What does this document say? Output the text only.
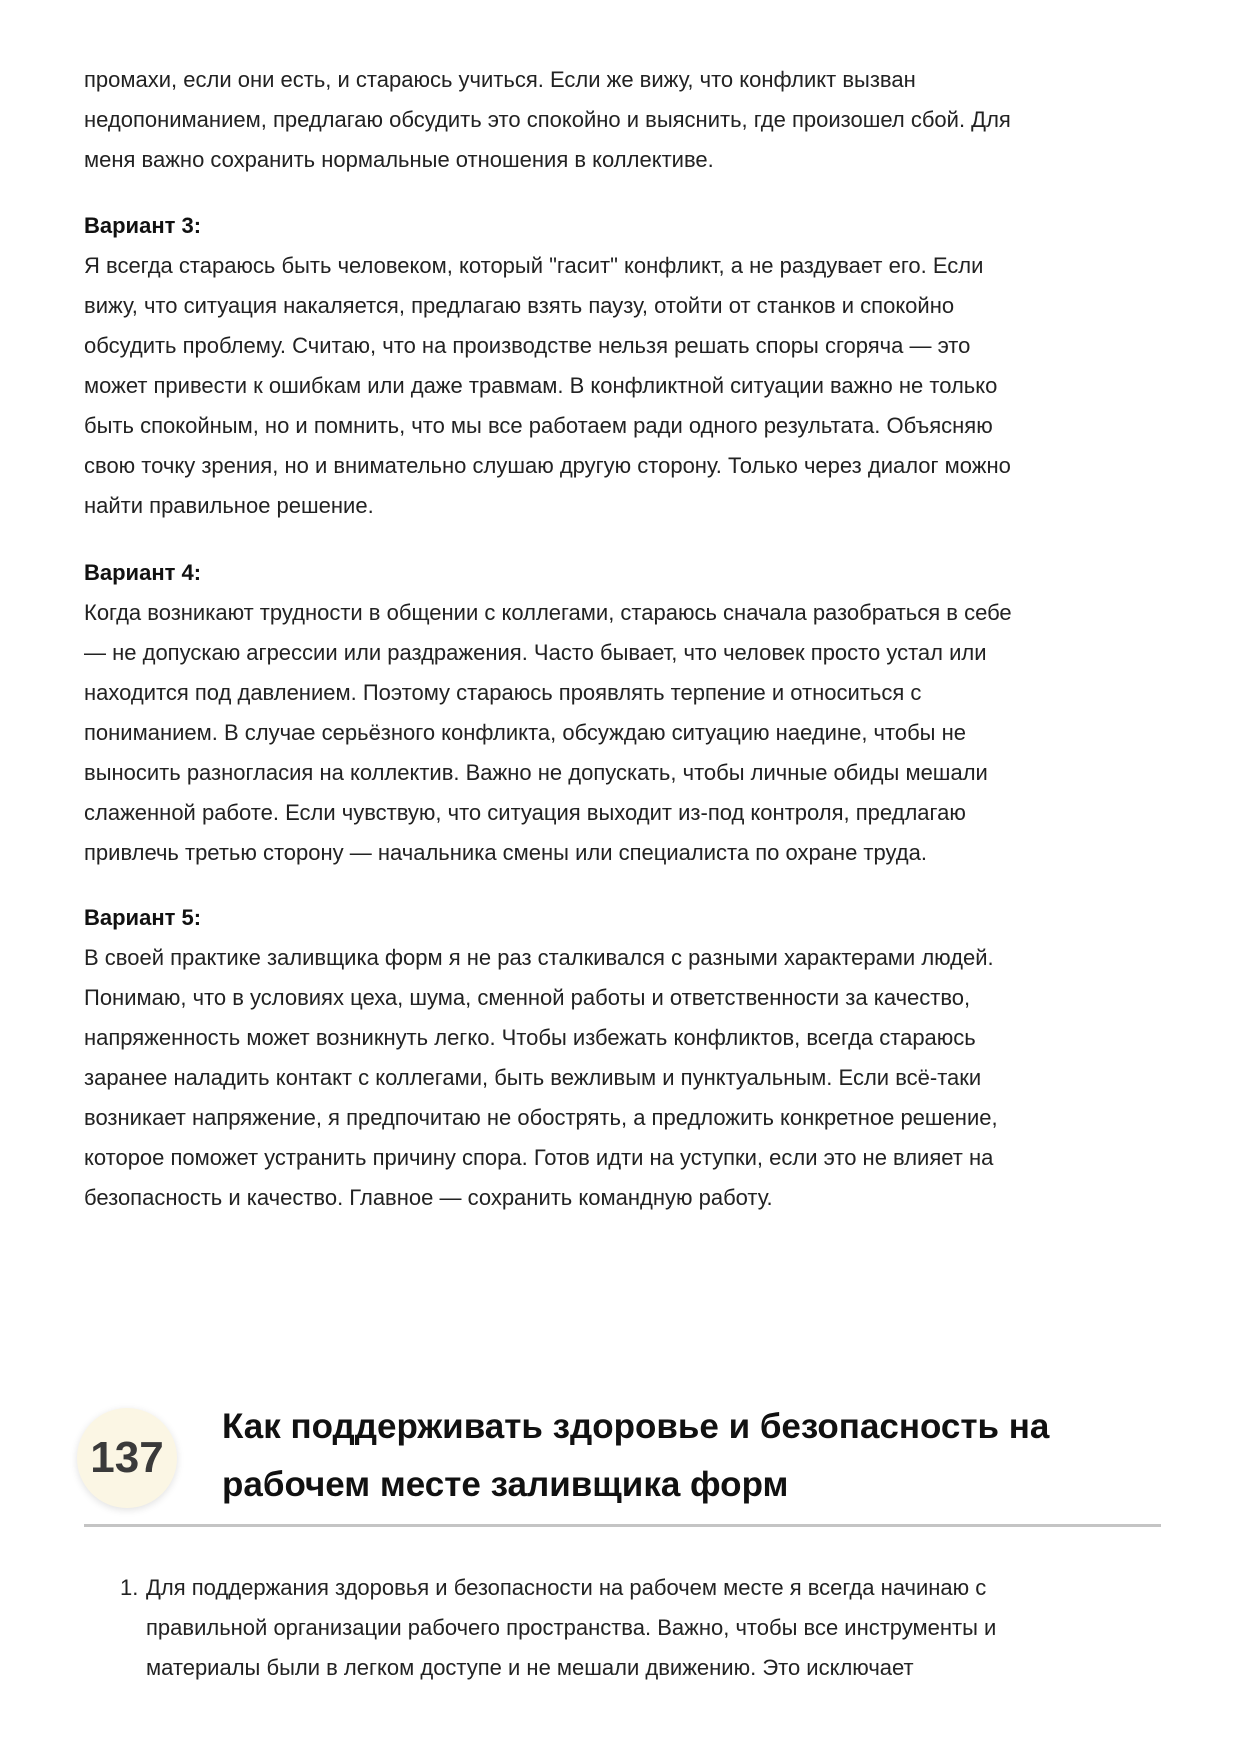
промахи, если они есть, и стараюсь учиться. Если же вижу, что конфликт вызван
недопониманием, предлагаю обсудить это спокойно и выяснить, где произошел сбой. Для
меня важно сохранить нормальные отношения в коллективе.
Вариант 3:
Я всегда стараюсь быть человеком, который "гасит" конфликт, а не раздувает его. Если
вижу, что ситуация накаляется, предлагаю взять паузу, отойти от станков и спокойно
обсудить проблему. Считаю, что на производстве нельзя решать споры сгоряча — это
может привести к ошибкам или даже травмам. В конфликтной ситуации важно не только
быть спокойным, но и помнить, что мы все работаем ради одного результата. Объясняю
свою точку зрения, но и внимательно слушаю другую сторону. Только через диалог можно
найти правильное решение.
Вариант 4:
Когда возникают трудности в общении с коллегами, стараюсь сначала разобраться в себе
— не допускаю агрессии или раздражения. Часто бывает, что человек просто устал или
находится под давлением. Поэтому стараюсь проявлять терпение и относиться с
пониманием. В случае серьёзного конфликта, обсуждаю ситуацию наедине, чтобы не
выносить разногласия на коллектив. Важно не допускать, чтобы личные обиды мешали
слаженной работе. Если чувствую, что ситуация выходит из-под контроля, предлагаю
привлечь третью сторону — начальника смены или специалиста по охране труда.
Вариант 5:
В своей практике заливщика форм я не раз сталкивался с разными характерами людей.
Понимаю, что в условиях цеха, шума, сменной работы и ответственности за качество,
напряженность может возникнуть легко. Чтобы избежать конфликтов, всегда стараюсь
заранее наладить контакт с коллегами, быть вежливым и пунктуальным. Если всё-таки
возникает напряжение, я предпочитаю не обострять, а предложить конкретное решение,
которое поможет устранить причину спора. Готов идти на уступки, если это не влияет на
безопасность и качество. Главное — сохранить командную работу.
137
Как поддерживать здоровье и безопасность на
рабочем месте заливщика форм
1. Для поддержания здоровья и безопасности на рабочем месте я всегда начинаю с
правильной организации рабочего пространства. Важно, чтобы все инструменты и
материалы были в легком доступе и не мешали движению. Это исключает
